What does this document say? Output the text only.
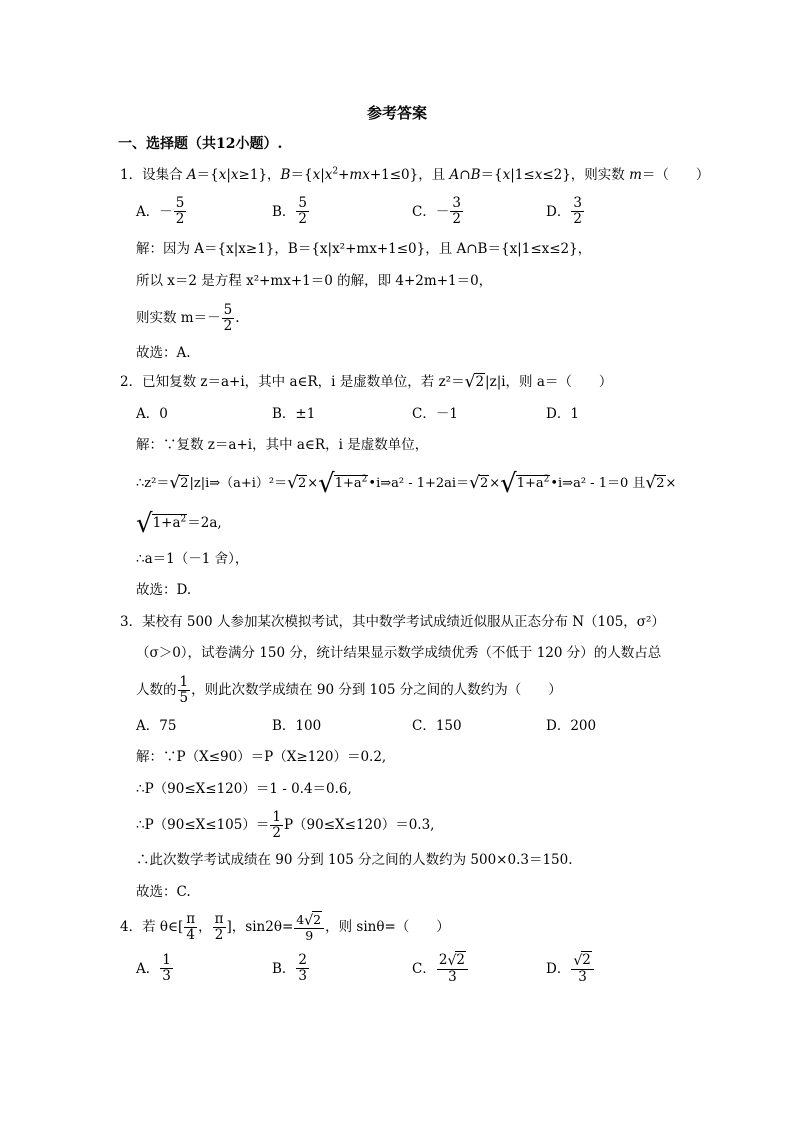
参考答案
一、选择题（共12小题）.
1．设集合 A＝{x|x≥1}，$B=\{x|x^2+mx+1\le 0\}$，且 A∩B＝{x|1≤x≤2}，则实数 m＝（　　）
A．－ $\frac{5}{2}$	B． $\frac{5}{2}$	C．－ $\frac{3}{2}$	D． $\frac{3}{2}$
解：因为 A＝{x|x≥1}，B＝{x|x²+mx+1≤0}，且 A∩B＝{x|1≤x≤2}，
所以 x＝2 是方程 x²+mx+1＝0 的解，即 4+2m+1＝0，
则实数 $m=- \frac{5}{2}$ .
故选：A.
2．已知复数 z＝a+i，其中 a∈R，i 是虚数单位，若 z²＝√2|z|i，则 a＝（　　）
A．0	B．±1	C．－1	D．1
解：∵复数 z＝a+i，其中 a∈R，i 是虚数单位，
$\therefore z^2=√2|z|i\Rightarrow(a+i)^2=√2\times√1+a^2•i\Rightarrow a^2$ - $1+2ai=√2\times√1+a^2•i\Rightarrow a^2 - 1=0$ 且√2×
$√1+a^2=2a$,
∴a＝1（－1 舍），
故选：D.
3．某校有 500 人参加某次模拟考试，其中数学考试成绩近似服从正态分布 N（105，σ²）
（σ＞0），试卷满分 150 分，统计结果显示数学成绩优秀（不低于 120 分）的人数占总
人数的 $\frac{1}{5}$ ，则此次数学成绩在 90 分到 105 分之间的人数约为（　　）
A．75	B．100	C．150	D．200
解：∵P（X≤90）＝P（X≥120）＝0.2,
∴P（90≤X≤120）＝1 - 0.4＝0.6,
∴P（90≤X≤105）＝ $\frac{1}{2} P(90\le X\le 120)=0.3$,
∴此次数学考试成绩在 90 分到 105 分之间的人数约为 500×0.3＝150.
故选：C.
4．若 θ∈[ $\frac{\pi}{4}$ ， $\frac{\pi}{2}$ ]，$\sin 2\theta= \frac{4√2}{9}$ ，则 sinθ=（　　）
A． $\frac{1}{3}$	B． $\frac{2}{3}$	C． $\frac{2√2}{3}$	D． $\frac{√2}{3}$
